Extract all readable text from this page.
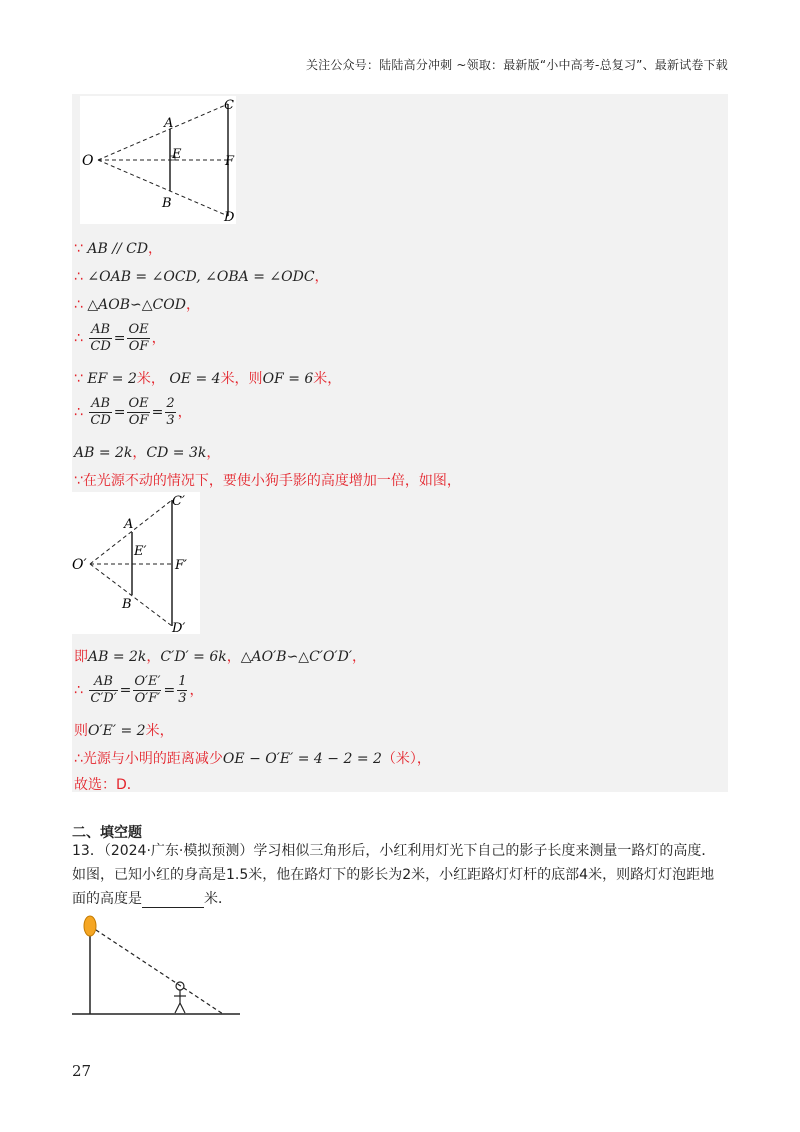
关注公众号：陆陆高分冲刺 ~领取：最新版“小中高考-总复习”、最新试卷下载
O
A
E
B
C
F
D
∵ AB // CD，
∴ ∠OAB = ∠OCD, ∠OBA = ∠ODC，
∴ △AOB∽△COD，
∴ $\frac{AB}{CD} = \frac{OE}{OF}$ ，
∵ EF = 2米， OE = 4米，则OF = 6米，
∴ $\frac{AB}{CD} = \frac{OE}{OF} = \frac{2}{3}$ ，
AB = 2k，CD = 3k，
∵在光源不动的情况下，要使小狗手影的高度增加一倍，如图，
O′
A
E′
B
C′
F′
D′
即AB = 2k，C′D′ = 6k，△AO′B∽△C′O′D′，
∴ $\frac{AB}{C'D'} = \frac{O'E'}{O'F'} = \frac{1}{3}$ ，
则O′E′ = 2米，
∴光源与小明的距离减少OE − O′E′ = 4 − 2 = 2（米），
故选：D．
二、填空题
13．（2024·广东·模拟预测）学习相似三角形后，小红利用灯光下自己的影子长度来测量一路灯的高度．
如图，已知小红的身高是1.5米，他在路灯下的影长为2米，小红距路灯灯杆的底部4米，则路灯灯泡距地
面的高度是	米．
27
